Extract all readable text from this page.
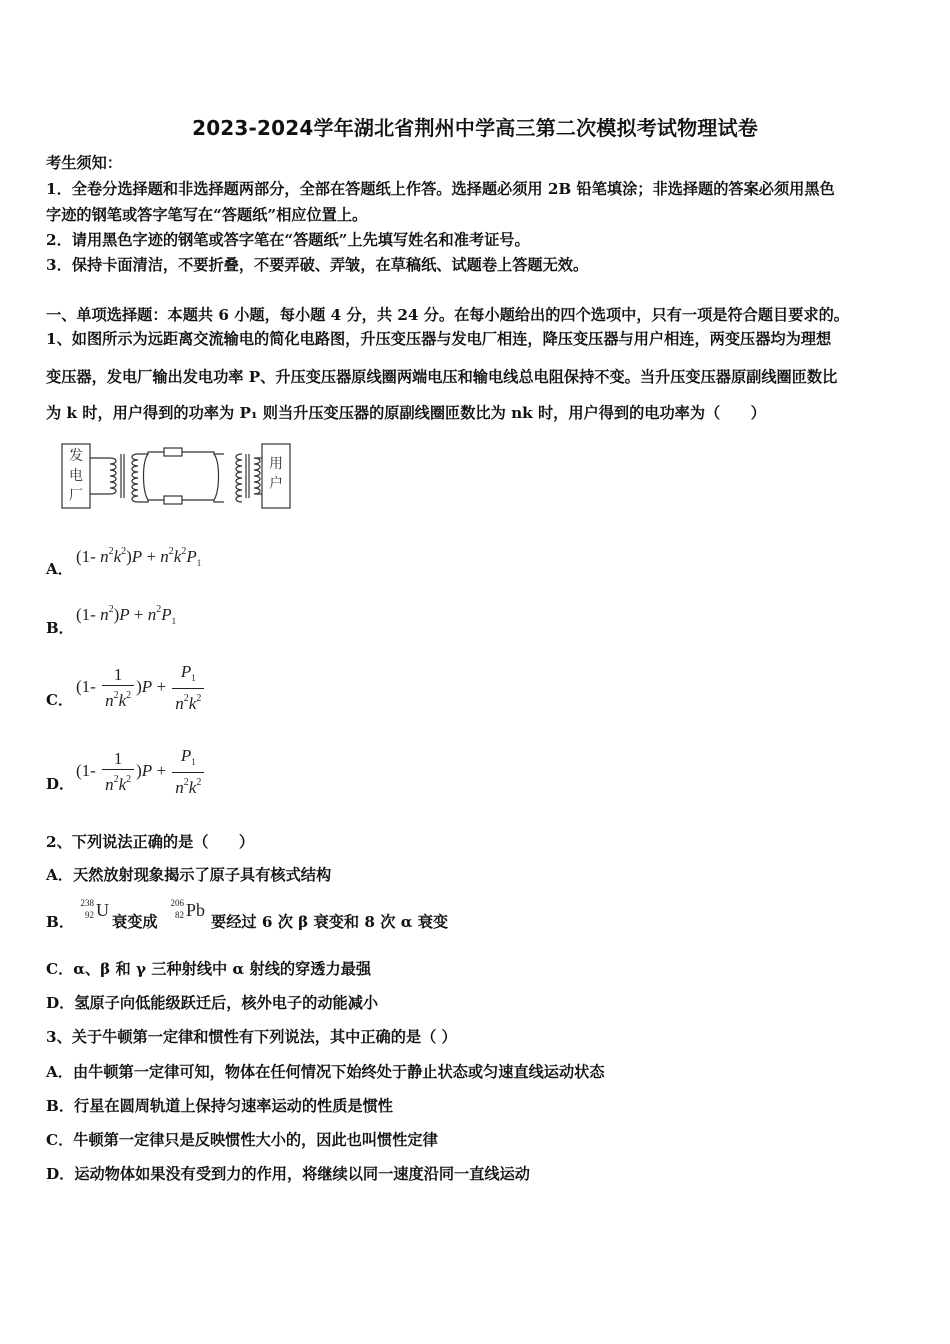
2023-2024学年湖北省荆州中学高三第二次模拟考试物理试卷
考生须知：
1．全卷分选择题和非选择题两部分，全部在答题纸上作答。选择题必须用 2B 铅笔填涂；非选择题的答案必须用黑色
字迹的钢笔或答字笔写在“答题纸”相应位置上。
2．请用黑色字迹的钢笔或答字笔在“答题纸”上先填写姓名和准考证号。
3．保持卡面清洁，不要折叠，不要弄破、弄皱，在草稿纸、试题卷上答题无效。
一、单项选择题：本题共 6 小题，每小题 4 分，共 24 分。在每小题给出的四个选项中，只有一项是符合题目要求的。
1、如图所示为远距离交流输电的简化电路图，升压变压器与发电厂相连，降压变压器与用户相连，两变压器均为理想
变压器，发电厂输出发电功率 P、升压变压器原线圈两端电压和输电线总电阻保持不变。当升压变压器原副线圈匝数比
为 k 时，用户得到的功率为 P₁ 则当升压变压器的原副线圈匝数比为 nk 时，用户得到的电功率为（　　）
发
电
厂
用
户
A．
(1- $n^2k^2)P + n^2k^2P_1$
B．
(1- $n^2)P + n^2P_1$
C．
$(1- \frac{1}{n^2k^2} )P + \frac{P_1}{n^2k^2}$
D．
$(1- \frac{1}{n^2k^2} )P + \frac{P_1}{n^2k^2}$
2、下列说法正确的是（　　）
A．天然放射现象揭示了原子具有核式结构
B．
238
92 U
衰变成
206
82 Pb
要经过 6 次 β 衰变和 8 次 α 衰变
C．α、β 和 γ 三种射线中 α 射线的穿透力最强
D．氢原子向低能级跃迁后，核外电子的动能减小
3、关于牛顿第一定律和惯性有下列说法，其中正确的是（ ）
A．由牛顿第一定律可知，物体在任何情况下始终处于静止状态或匀速直线运动状态
B．行星在圆周轨道上保持匀速率运动的性质是惯性
C．牛顿第一定律只是反映惯性大小的，因此也叫惯性定律
D．运动物体如果没有受到力的作用，将继续以同一速度沿同一直线运动
